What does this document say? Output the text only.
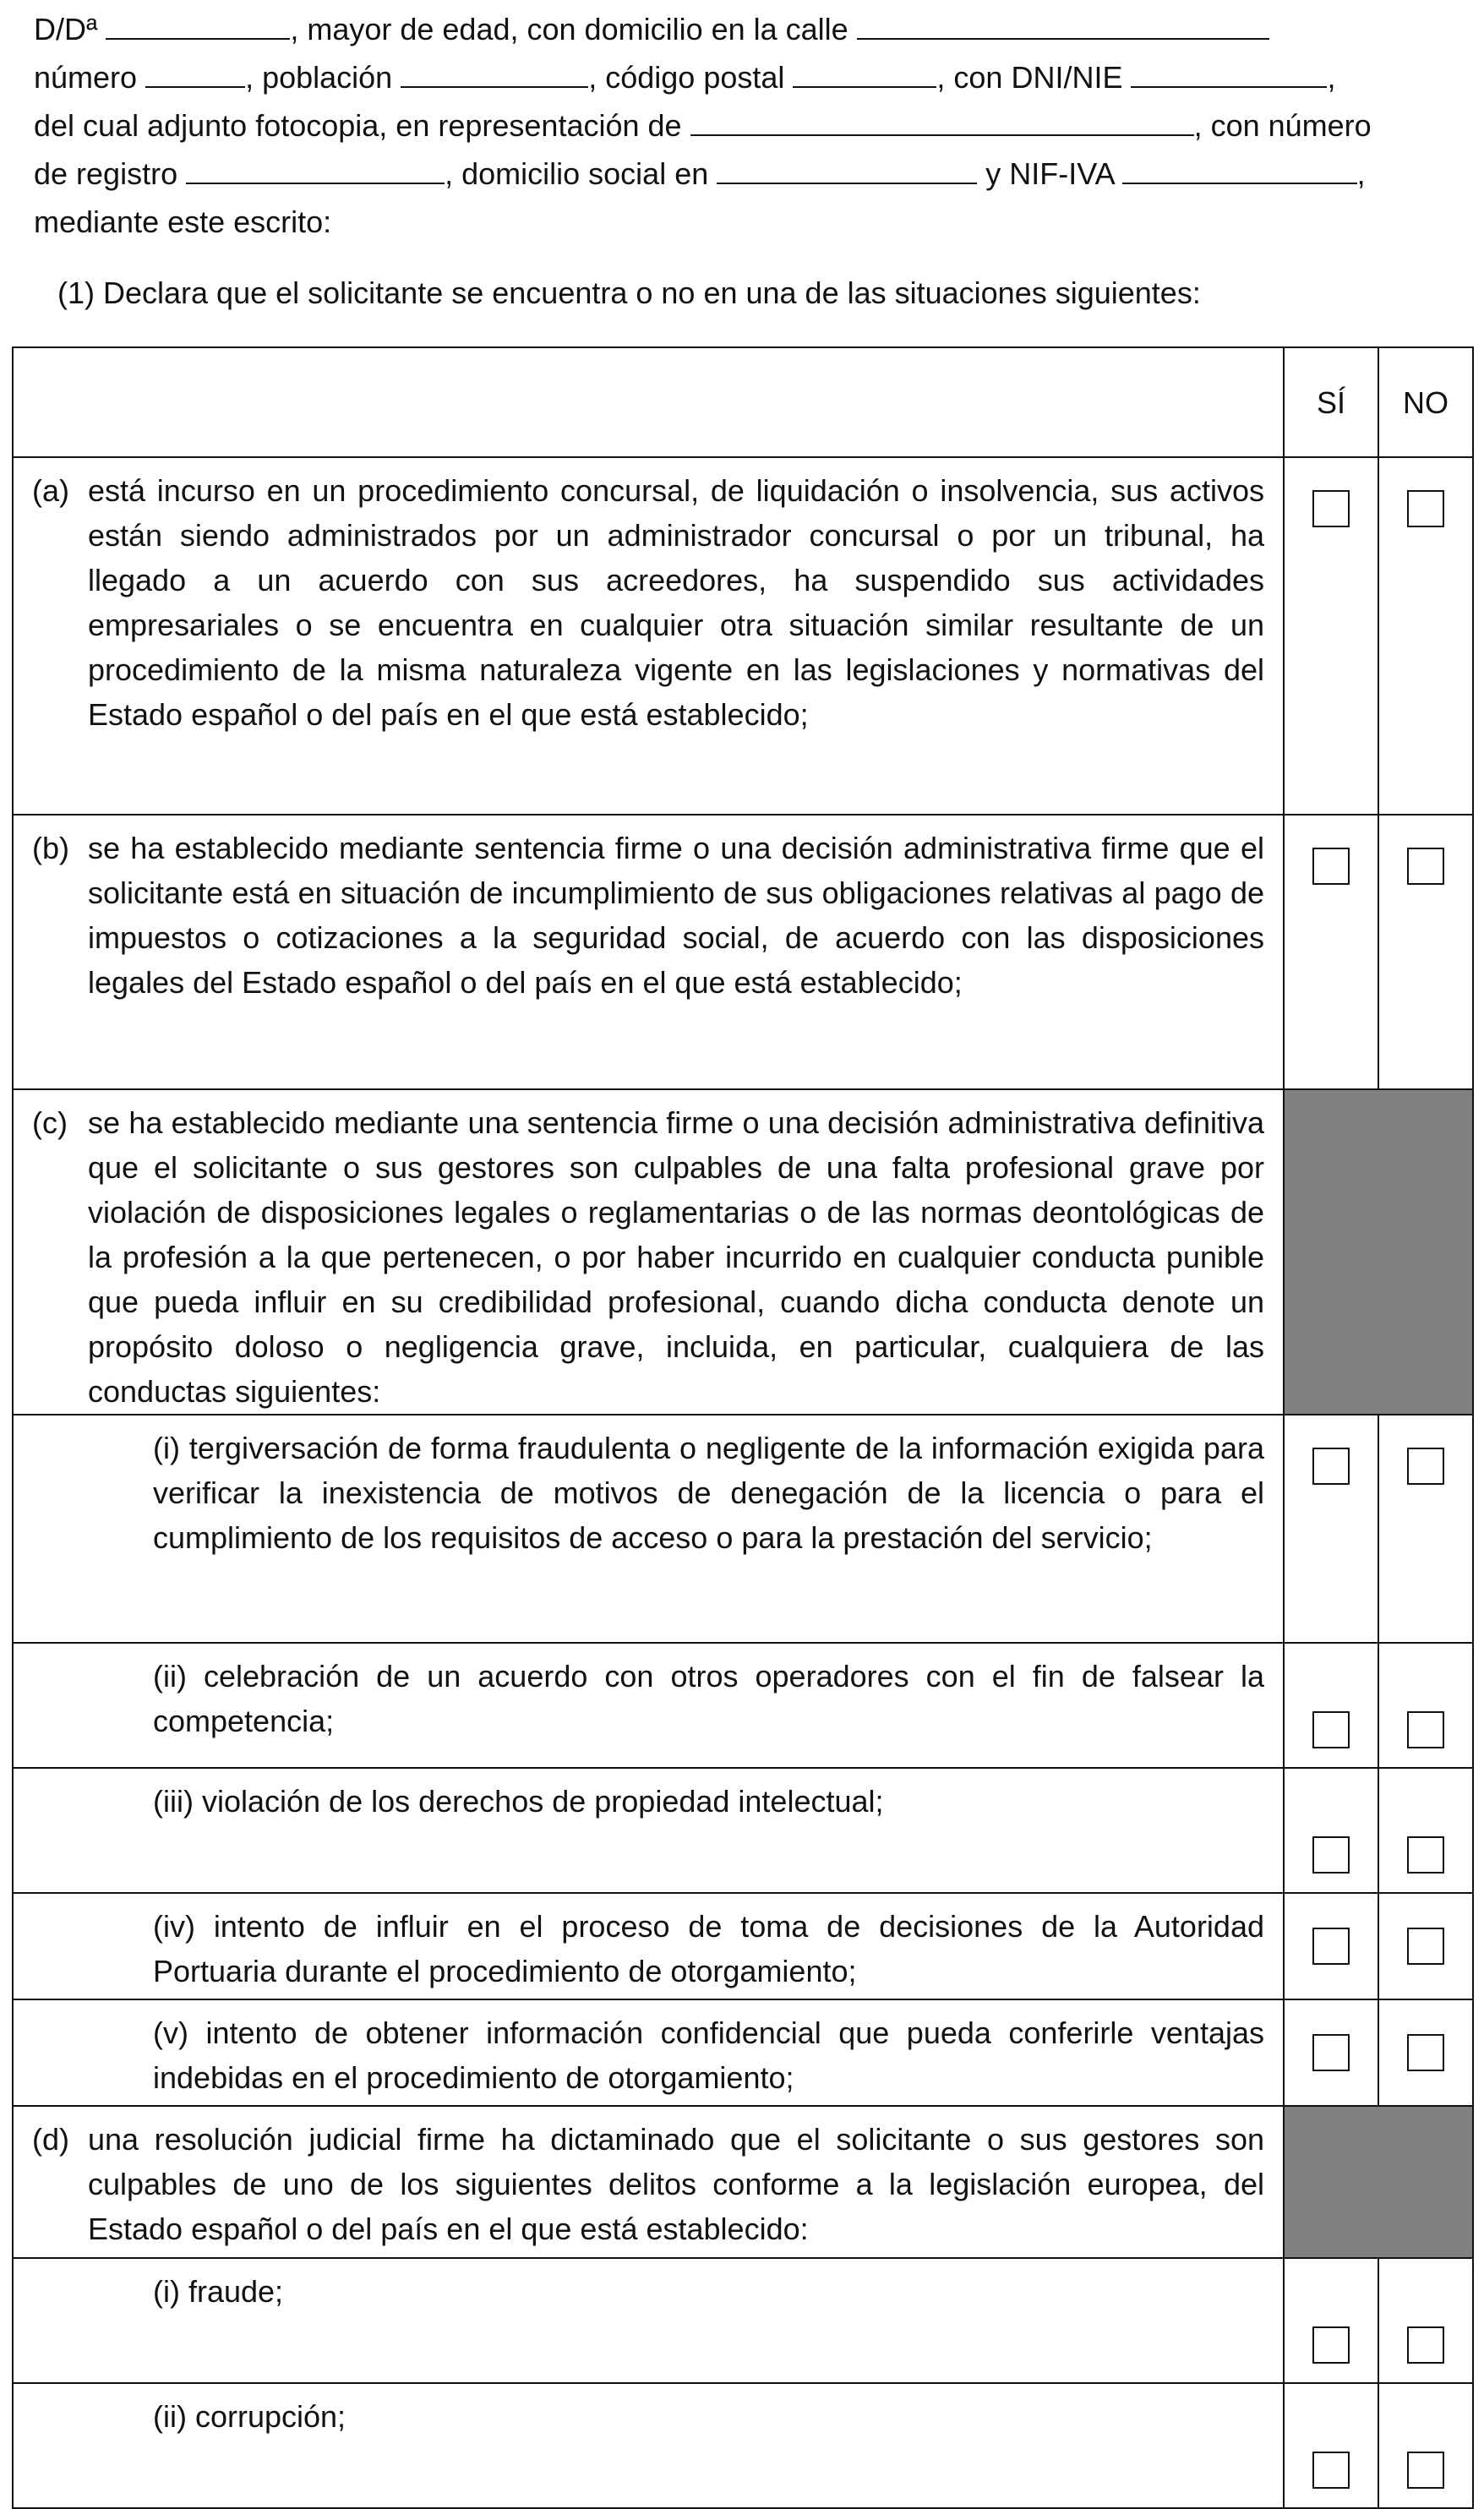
D/Dª	, mayor de edad, con domicilio en la calle

número	, población	, código postal	, con DNI/NIE	,

del cual adjunto fotocopia, en representación de	, con número

de registro	, domicilio social en	y NIF-IVA	,

mediante este escrito:

(1) Declara que el solicitante se encuentra o no en una de las situaciones siguientes:
	SÍ	NO

(a) está incurso en un procedimiento concursal, de liquidación o insolvencia, sus activos están siendo administrados por un administrador concursal o por un tribunal, ha llegado a un acuerdo con sus acreedores, ha suspendido sus actividades empresariales o se encuentra en cualquier otra situación similar resultante de un procedimiento de la misma naturaleza vigente en las legislaciones y normativas del Estado español o del país en el que está establecido;		

(b) se ha establecido mediante sentencia firme o una decisión administrativa firme que el solicitante está en situación de incumplimiento de sus obligaciones relativas al pago de impuestos o cotizaciones a la seguridad social, de acuerdo con las disposiciones legales del Estado español o del país en el que está establecido;		

(c) se ha establecido mediante una sentencia firme o una decisión administrativa definitiva que el solicitante o sus gestores son culpables de una falta profesional grave por violación de disposiciones legales o reglamentarias o de las normas deontológicas de la profesión a la que pertenecen, o por haber incurrido en cualquier conducta punible que pueda influir en su credibilidad profesional, cuando dicha conducta denote un propósito doloso o negligencia grave, incluida, en particular, cualquiera de las conductas siguientes:		

(i) tergiversación de forma fraudulenta o negligente de la información exigida para verificar la inexistencia de motivos de denegación de la licencia o para el cumplimiento de los requisitos de acceso o para la prestación del servicio;		

(ii) celebración de un acuerdo con otros operadores con el fin de falsear la competencia;		

(iii) violación de los derechos de propiedad intelectual;		

(iv) intento de influir en el proceso de toma de decisiones de la Autoridad Portuaria durante el procedimiento de otorgamiento;		

(v) intento de obtener información confidencial que pueda conferirle ventajas indebidas en el procedimiento de otorgamiento;		

(d) una resolución judicial firme ha dictaminado que el solicitante o sus gestores son culpables de uno de los siguientes delitos conforme a la legislación europea, del Estado español o del país en el que está establecido:		

(i) fraude;		

(ii) corrupción;		
